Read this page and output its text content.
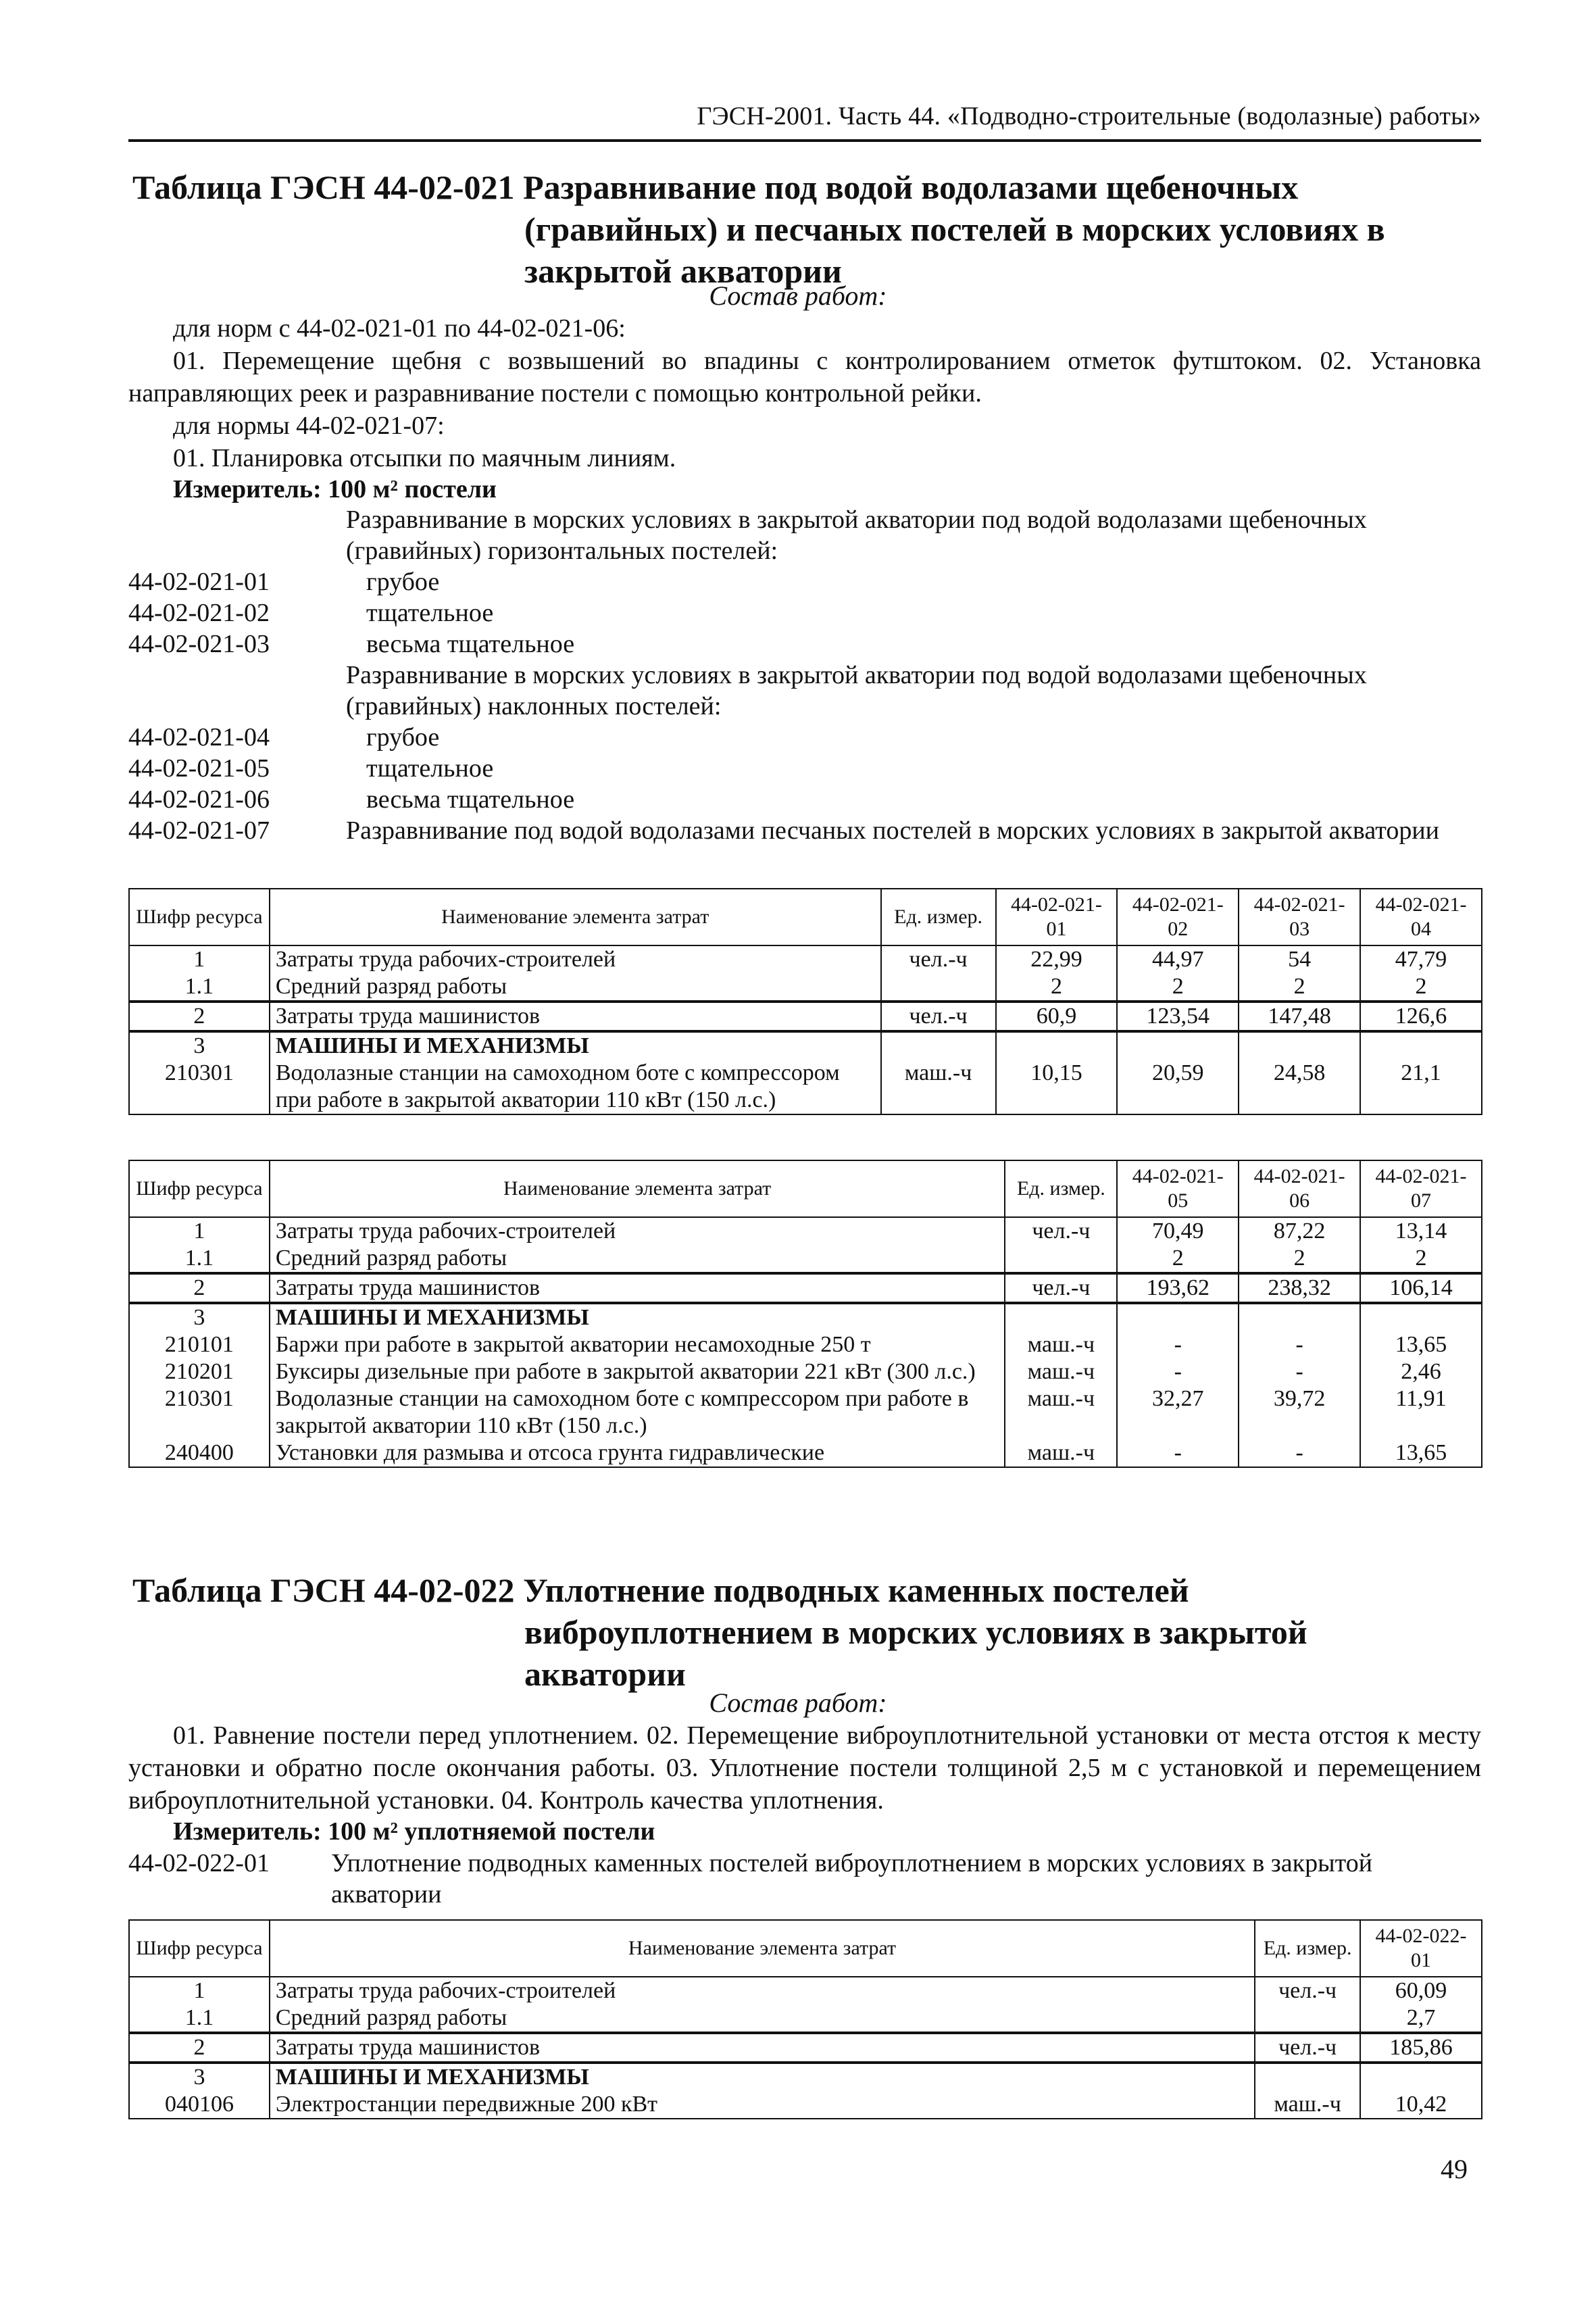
ГЭСН-2001. Часть 44. «Подводно-строительные (водолазные) работы»
Таблица ГЭСН 44-02-021 Разравнивание под водой водолазами щебеночных
(гравийных) и песчаных постелей в морских условиях в
закрытой акватории
Состав работ:
для норм с 44-02-021-01 по 44-02-021-06:
01. Перемещение щебня с возвышений во впадины с контролированием отметок футштоком. 02. Установка направляющих реек и разравнивание постели с помощью контрольной рейки.
для нормы 44-02-021-07:
01. Планировка отсыпки по маячным линиям.
Измеритель: 100 м² постели
Разравнивание в морских условиях в закрытой акватории под водой водолазами щебеночных (гравийных) горизонтальных постелей:
44-02-021-01	грубое
44-02-021-02	тщательное
44-02-021-03	весьма тщательное
Разравнивание в морских условиях в закрытой акватории под водой водолазами щебеночных (гравийных) наклонных постелей:
44-02-021-04	грубое
44-02-021-05	тщательное
44-02-021-06	весьма тщательное
44-02-021-07	Разравнивание под водой водолазами песчаных постелей в морских условиях в закрытой акватории
Шифр ресурса	Наименование элемента затрат	Ед. измер.	44-02-021-01	44-02-021-02	44-02-021-03	44-02-021-04
1	Затраты труда рабочих-строителей	чел.-ч	22,99	44,97	54	47,79
1.1	Средний разряд работы		2	2	2	2
2	Затраты труда машинистов	чел.-ч	60,9	123,54	147,48	126,6
3	МАШИНЫ И МЕХАНИЗМЫ					
210301	Водолазные станции на самоходном боте с компрессором при работе в закрытой акватории 110 кВт (150 л.с.)	маш.-ч	10,15	20,59	24,58	21,1
Шифр ресурса	Наименование элемента затрат	Ед. измер.	44-02-021-05	44-02-021-06	44-02-021-07
1	Затраты труда рабочих-строителей	чел.-ч	70,49	87,22	13,14
1.1	Средний разряд работы		2	2	2
2	Затраты труда машинистов	чел.-ч	193,62	238,32	106,14
3	МАШИНЫ И МЕХАНИЗМЫ				
210101	Баржи при работе в закрытой акватории несамоходные 250 т	маш.-ч	-	-	13,65
210201	Буксиры дизельные при работе в закрытой акватории 221 кВт (300 л.с.)	маш.-ч	-	-	2,46
210301	Водолазные станции на самоходном боте с компрессором при работе в закрытой акватории 110 кВт (150 л.с.)	маш.-ч	32,27	39,72	11,91
240400	Установки для размыва и отсоса грунта гидравлические	маш.-ч	-	-	13,65
Таблица ГЭСН 44-02-022 Уплотнение подводных каменных постелей
виброуплотнением в морских условиях в закрытой
акватории
Состав работ:
01. Равнение постели перед уплотнением. 02. Перемещение виброуплотнительной установки от места отстоя к месту установки и обратно после окончания работы. 03. Уплотнение постели толщиной 2,5 м с установкой и перемещением виброуплотнительной установки. 04. Контроль качества уплотнения.
Измеритель: 100 м² уплотняемой постели
44-02-022-01 Уплотнение подводных каменных постелей виброуплотнением в морских условиях в закрытой акватории
Шифр ресурса	Наименование элемента затрат	Ед. измер.	44-02-022-01
1	Затраты труда рабочих-строителей	чел.-ч	60,09
1.1	Средний разряд работы		2,7
2	Затраты труда машинистов	чел.-ч	185,86
3	МАШИНЫ И МЕХАНИЗМЫ		
040106	Электростанции передвижные 200 кВт	маш.-ч	10,42
49
